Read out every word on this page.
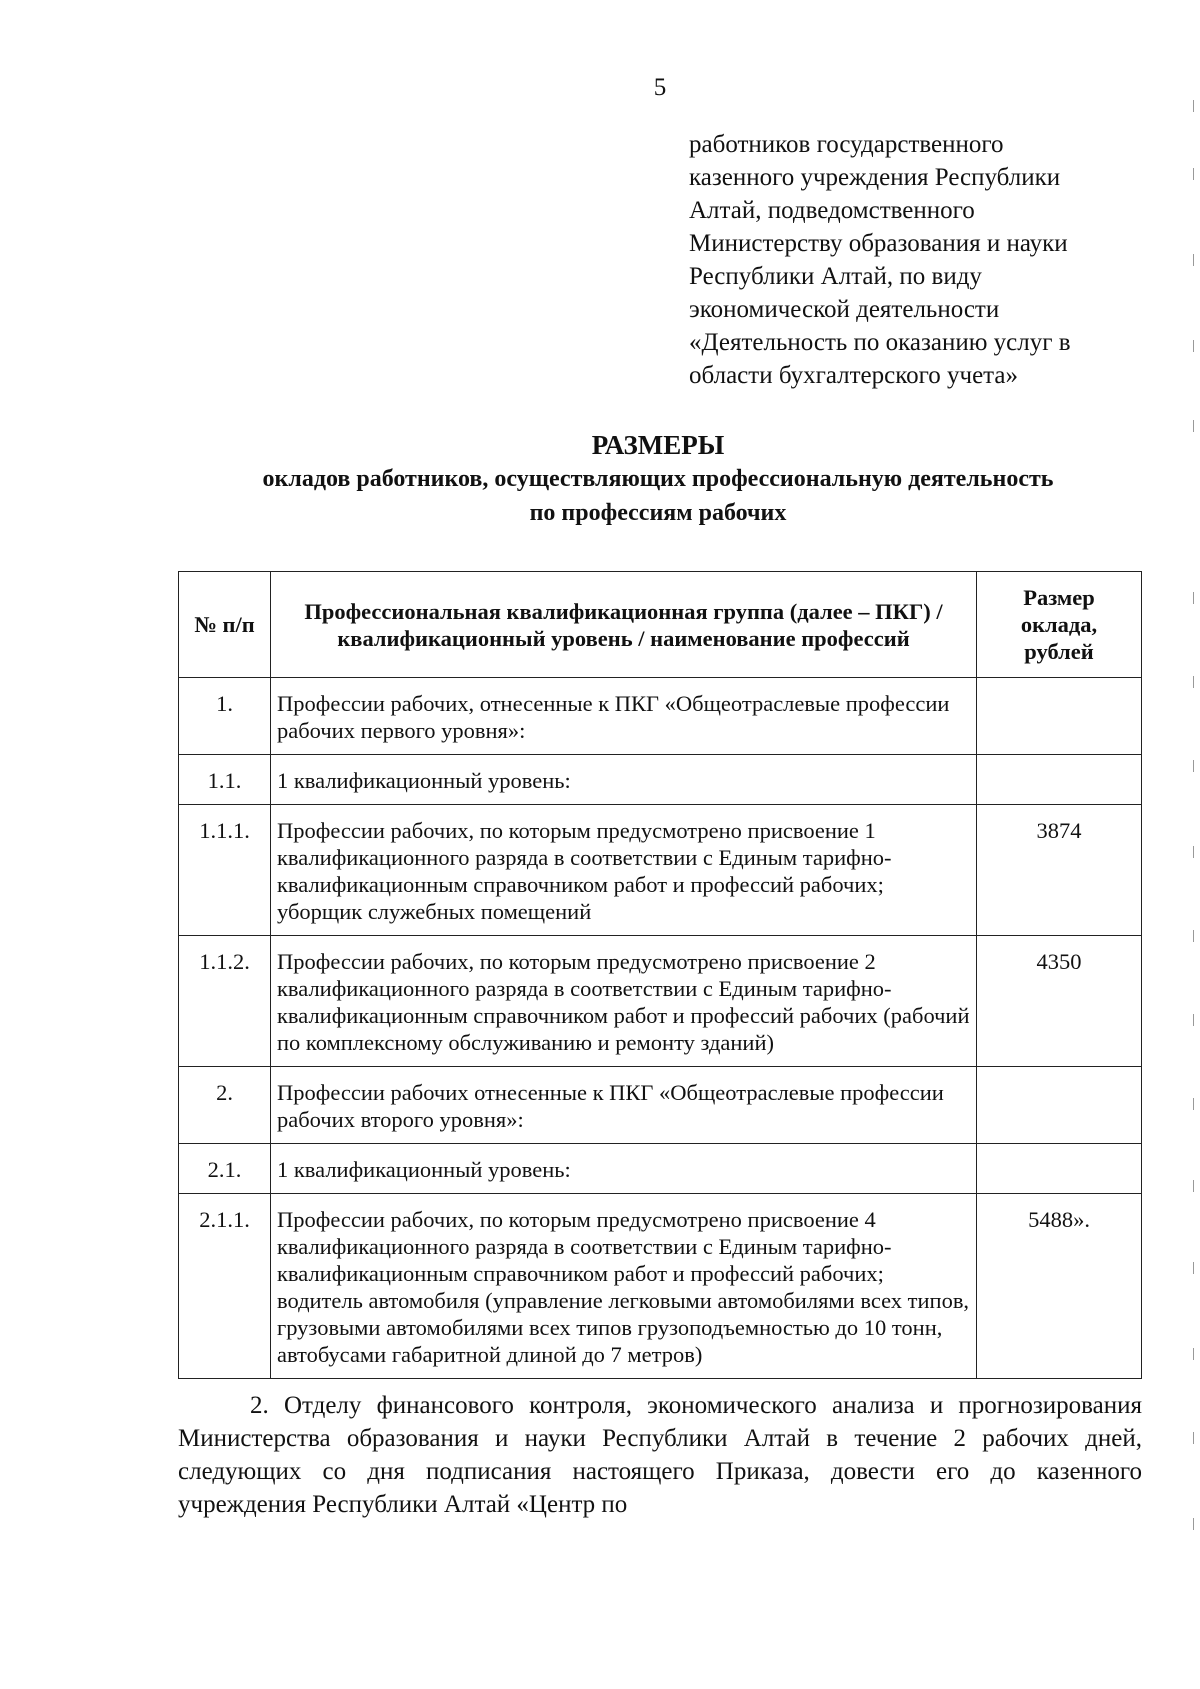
5
работников государственного
казенного учреждения Республики
Алтай, подведомственного
Министерству образования и науки
Республики Алтай, по виду
экономической деятельности
«Деятельность по оказанию услуг в
области бухгалтерского учета»
РАЗМЕРЫ
окладов работников, осуществляющих профессиональную деятельность
по профессиям рабочих
№ п/п	Профессиональная квалификационная группа (далее – ПКГ) / квалификационный уровень / наименование профессий	Размер оклада, рублей
1.	Профессии рабочих, отнесенные к ПКГ «Общеотраслевые профессии рабочих первого уровня»:	
1.1.	1 квалификационный уровень:	
1.1.1.	Профессии рабочих, по которым предусмотрено присвоение 1 квалификационного разряда в соответствии с Единым тарифно-квалификационным справочником работ и профессий рабочих; уборщик служебных помещений	3874
1.1.2.	Профессии рабочих, по которым предусмотрено присвоение 2 квалификационного разряда в соответствии с Единым тарифно-квалификационным справочником работ и профессий рабочих (рабочий по комплексному обслуживанию и ремонту зданий)	4350
2.	Профессии рабочих отнесенные к ПКГ «Общеотраслевые профессии рабочих второго уровня»:	
2.1.	1 квалификационный уровень:	
2.1.1.	Профессии рабочих, по которым предусмотрено присвоение 4 квалификационного разряда в соответствии с Единым тарифно-квалификационным справочником работ и профессий рабочих; водитель автомобиля (управление легковыми автомобилями всех типов, грузовыми автомобилями всех типов грузоподъемностью до 10 тонн, автобусами габаритной длиной до 7 метров)	5488».
2. Отделу финансового контроля, экономического анализа и прогнозирования Министерства образования и науки Республики Алтай в течение 2 рабочих дней, следующих со дня подписания настоящего Приказа, довести его до казенного учреждения Республики Алтай «Центр по
